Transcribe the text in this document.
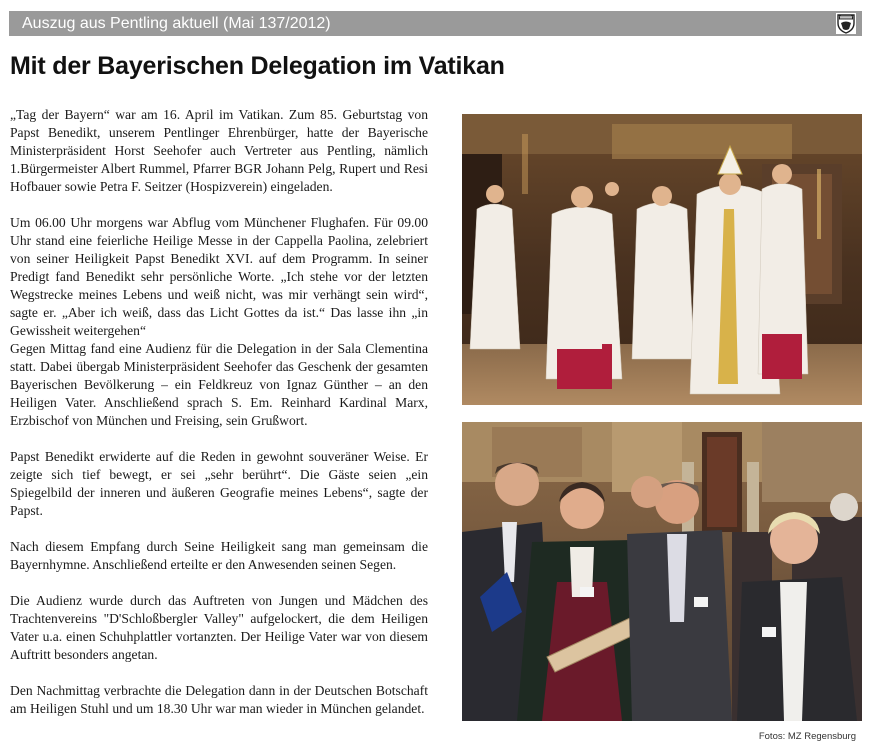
Auszug aus Pentling aktuell (Mai 137/2012)
Mit der Bayerischen Delegation im Vatikan

„Tag der Bayern“ war am 16. April im Vatikan. Zum 85. Geburtstag von Papst Benedikt, unserem Pentlinger Ehrenbürger, hatte der Bayerische Ministerpräsident Horst Seehofer auch Vertreter aus Pentling, nämlich 1.Bürgermeister Albert Rummel, Pfarrer BGR Johann Pelg, Rupert und Resi Hofbauer sowie Petra F. Seitzer (Hospizverein) eingeladen.

Um 06.00 Uhr morgens war Abflug vom Münchener Flughafen. Für 09.00 Uhr stand eine feierliche Heilige Messe in der Cappella Paolina, zelebriert von seiner Heiligkeit Papst Benedikt XVI. auf dem Programm. In seiner Predigt fand Benedikt sehr persönliche Worte. „Ich stehe vor der letzten Wegstrecke meines Lebens und weiß nicht, was mir verhängt sein wird“, sagte er. „Aber ich weiß, dass das Licht Gottes da ist.“ Das lasse ihn „in Gewissheit weitergehen“

Gegen Mittag fand eine Audienz für die Delegation in der Sala Clementina statt. Dabei übergab Ministerpräsident Seehofer das Geschenk der gesamten Bayerischen Bevölkerung – ein Feldkreuz von Ignaz Günther – an den Heiligen Vater. Anschließend sprach S. Em. Reinhard Kardinal Marx, Erzbischof von München und Freising, sein Grußwort.

Papst Benedikt erwiderte auf die Reden in gewohnt souveräner Weise. Er zeigte sich tief bewegt, er sei „sehr berührt“. Die Gäste seien „ein Spiegelbild der inneren und äußeren Geografie meines Lebens“, sagte der Papst.

Nach diesem Empfang durch Seine Heiligkeit sang man gemeinsam die Bayernhymne. Anschließend erteilte er den Anwesenden seinen Segen.

Die Audienz wurde durch das Auftreten von Jungen und Mädchen des Trachtenvereins "D'Schloßbergler Valley" aufgelockert, die dem Heiligen Vater u.a. einen Schuhplattler vortanzten. Der Heilige Vater war von diesem Auftritt besonders angetan.

Den Nachmittag verbrachte die Delegation dann in der Deutschen Botschaft am Heiligen Stuhl und um 18.30 Uhr war man wieder in München gelandet.

Fotos: MZ Regensburg
